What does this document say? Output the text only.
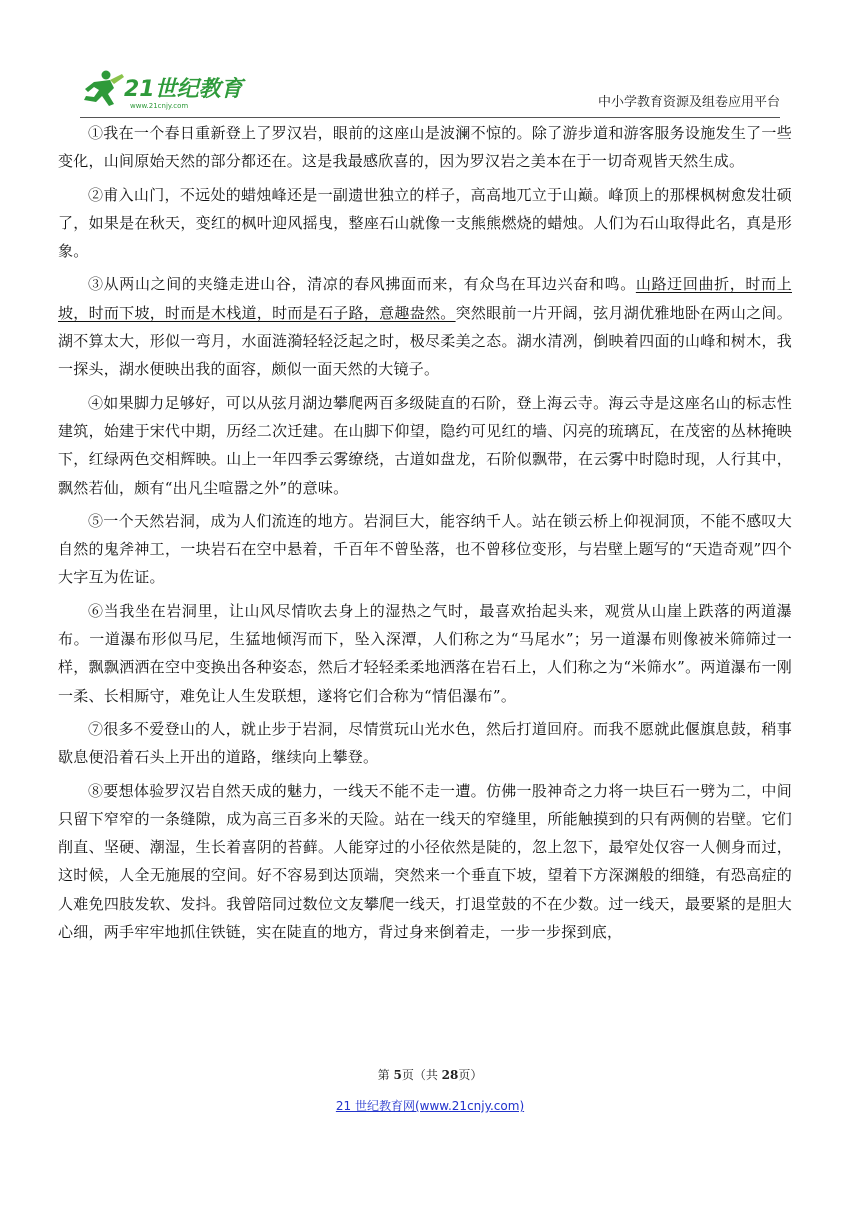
21世纪教育
www.21cnjy.com	中小学教育资源及组卷应用平台

①我在一个春日重新登上了罗汉岩，眼前的这座山是波澜不惊的。除了游步道和游客服务设施发生了一些变化，山间原始天然的部分都还在。这是我最感欣喜的，因为罗汉岩之美本在于一切奇观皆天然生成。

②甫入山门，不远处的蜡烛峰还是一副遗世独立的样子，高高地兀立于山巅。峰顶上的那棵枫树愈发壮硕了，如果是在秋天，变红的枫叶迎风摇曳，整座石山就像一支熊熊燃烧的蜡烛。人们为石山取得此名，真是形象。

③从两山之间的夹缝走进山谷，清凉的春风拂面而来，有众鸟在耳边兴奋和鸣。山路迂回曲折，时而上坡，时而下坡，时而是木栈道，时而是石子路，意趣盎然。突然眼前一片开阔，弦月湖优雅地卧在两山之间。湖不算太大，形似一弯月，水面涟漪轻轻泛起之时，极尽柔美之态。湖水清冽，倒映着四面的山峰和树木，我一探头，湖水便映出我的面容，颇似一面天然的大镜子。

④如果脚力足够好，可以从弦月湖边攀爬两百多级陡直的石阶，登上海云寺。海云寺是这座名山的标志性建筑，始建于宋代中期，历经二次迁建。在山脚下仰望，隐约可见红的墙、闪亮的琉璃瓦，在茂密的丛林掩映下，红绿两色交相辉映。山上一年四季云雾缭绕，古道如盘龙，石阶似飘带，在云雾中时隐时现，人行其中，飘然若仙，颇有“出凡尘喧嚣之外”的意味。

⑤一个天然岩洞，成为人们流连的地方。岩洞巨大，能容纳千人。站在锁云桥上仰视洞顶，不能不感叹大自然的鬼斧神工，一块岩石在空中悬着，千百年不曾坠落，也不曾移位变形，与岩壁上题写的“天造奇观”四个大字互为佐证。

⑥当我坐在岩洞里，让山风尽情吹去身上的湿热之气时，最喜欢抬起头来，观赏从山崖上跌落的两道瀑布。一道瀑布形似马尼，生猛地倾泻而下，坠入深潭，人们称之为“马尾水”；另一道瀑布则像被米筛筛过一样，飘飘洒洒在空中变换出各种姿态，然后才轻轻柔柔地洒落在岩石上，人们称之为“米筛水”。两道瀑布一刚一柔、长相厮守，难免让人生发联想，遂将它们合称为“情侣瀑布”。

⑦很多不爱登山的人，就止步于岩洞，尽情赏玩山光水色，然后打道回府。而我不愿就此偃旗息鼓，稍事歇息便沿着石头上开出的道路，继续向上攀登。

⑧要想体验罗汉岩自然天成的魅力，一线天不能不走一遭。仿佛一股神奇之力将一块巨石一劈为二，中间只留下窄窄的一条缝隙，成为高三百多米的天险。站在一线天的窄缝里，所能触摸到的只有两侧的岩壁。它们削直、坚硬、潮湿，生长着喜阴的苔藓。人能穿过的小径依然是陡的，忽上忽下，最窄处仅容一人侧身而过，这时候，人全无施展的空间。好不容易到达顶端，突然来一个垂直下坡，望着下方深渊般的细缝，有恐高症的人难免四肢发软、发抖。我曾陪同过数位文友攀爬一线天，打退堂鼓的不在少数。过一线天，最要紧的是胆大心细，两手牢牢地抓住铁链，实在陡直的地方，背过身来倒着走，一步一步探到底，

第 5页（共 28页）
21 世纪教育网(www.21cnjy.com)
